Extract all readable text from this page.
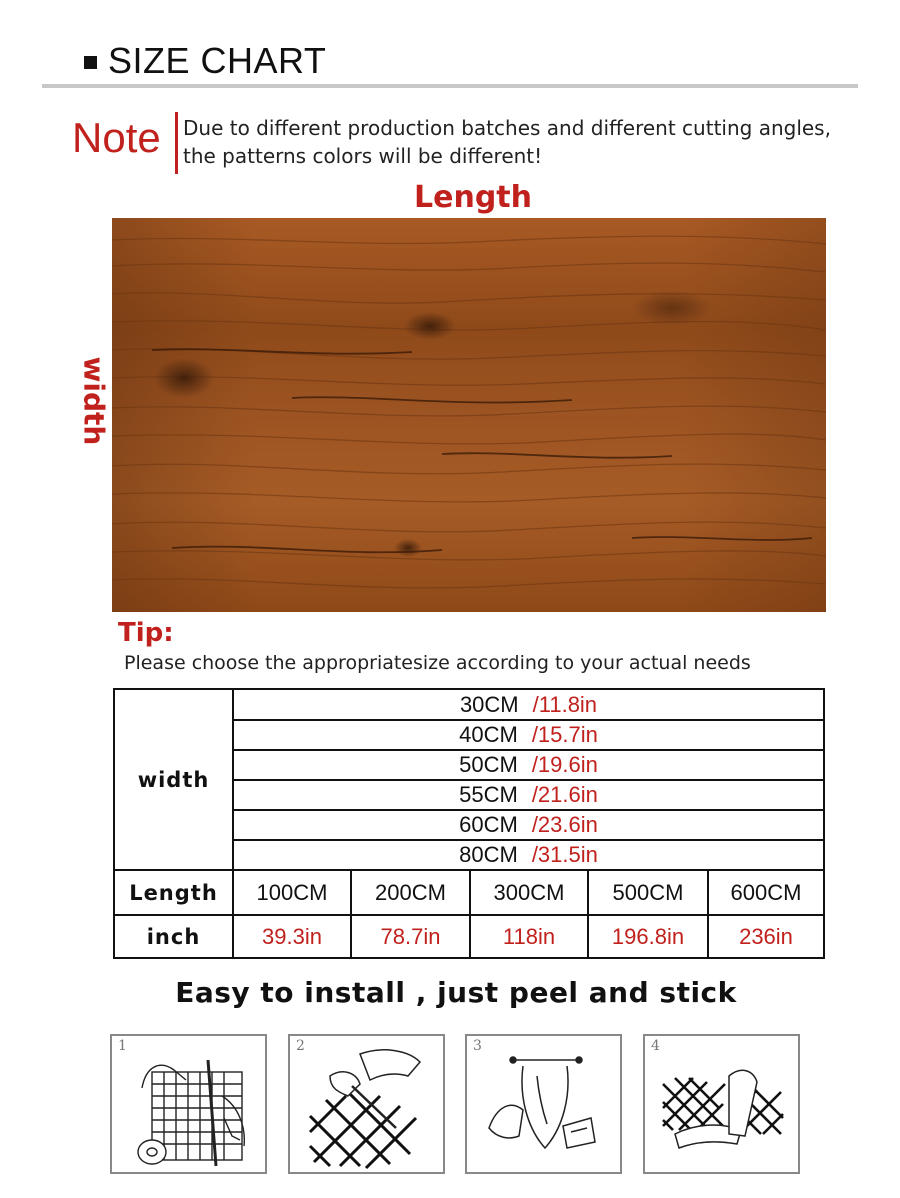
SIZE CHART
Note Due to different production batches and different cutting angles,
the patterns colors will be different!
Length
width
Tip:
Please choose the appropriatesize according to your actual needs
width
30CM /11.8in
40CM /15.7in
50CM /19.6in
55CM /21.6in
60CM /23.6in
80CM /31.5in
Length	100CM	200CM	300CM	500CM	600CM
inch	39.3in	78.7in	118in	196.8in	236in
Easy to install , just peel and stick
1	2	3	4
